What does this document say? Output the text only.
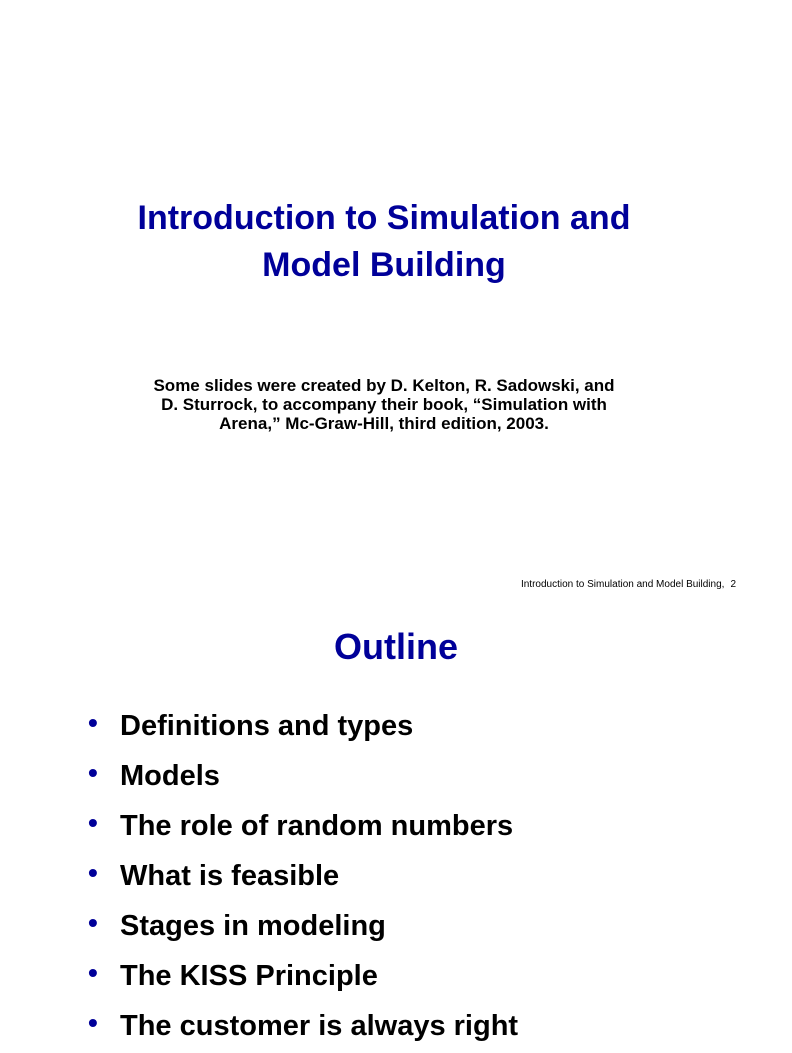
Introduction to Simulation and
Model Building
Some slides were created by D. Kelton, R. Sadowski, and
D. Sturrock, to accompany their book, “Simulation with
Arena,” Mc-Graw-Hill, third edition, 2003.
Introduction to Simulation and Model Building, 2
Outline
• Definitions and types
• Models
• The role of random numbers
• What is feasible
• Stages in modeling
• The KISS Principle
• The customer is always right
